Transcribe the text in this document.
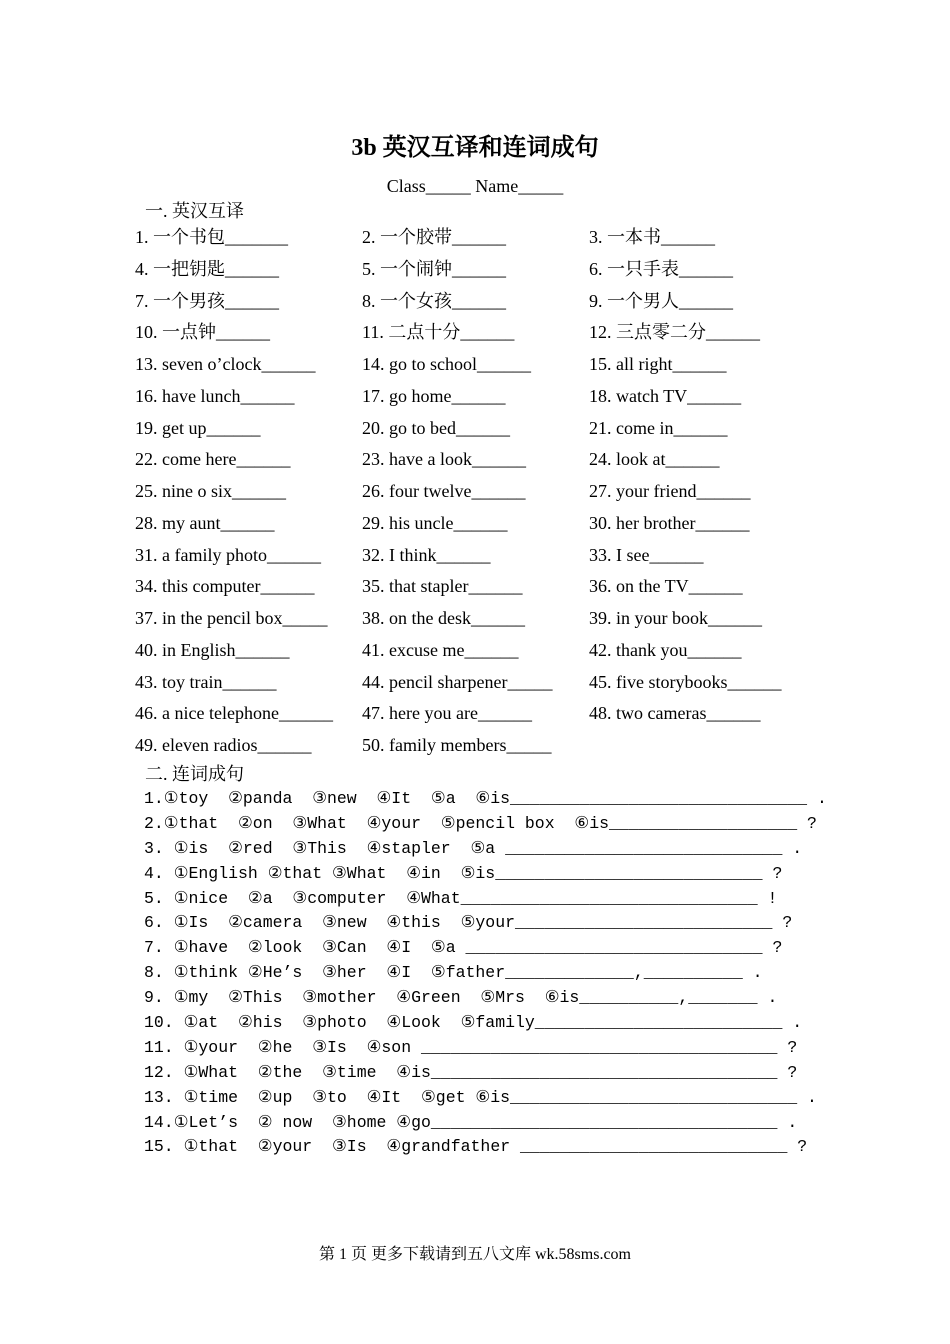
3b 英汉互译和连词成句
Class_____ Name_____
一. 英汉互译
1. 一个书包_______	2. 一个胶带______	3. 一本书______
4. 一把钥匙______	5. 一个闹钟______	6. 一只手表______
7. 一个男孩______	8. 一个女孩______	9. 一个男人______
10. 一点钟______	11. 二点十分______	12. 三点零二分______
13. seven o’clock______	14. go to school______	15. all right______
16. have lunch______	17. go home______	18. watch TV______
19. get up______	20. go to bed______	21. come in______
22. come here______	23. have a look______	24. look at______
25. nine o six______	26. four twelve______	27. your friend______
28. my aunt______	29. his uncle______	30. her brother______
31. a family photo______	32. I think______	33. I see______
34. this computer______	35. that stapler______	36. on the TV______
37. in the pencil box_____	38. on the desk______	39. in your book______
40. in English______	41. excuse me______	42. thank you______
43. toy train______	44. pencil sharpener_____	45. five storybooks______
46. a nice telephone______	47. here you are______	48. two cameras______
49. eleven radios______	50. family members_____
二. 连词成句
1.①toy  ②panda  ③new  ④It  ⑤a  ⑥is______________________________ .
2.①that  ②on  ③What  ④your  ⑤pencil box  ⑥is___________________ ?
3. ①is  ②red  ③This  ④stapler  ⑤a ____________________________ .
4. ①English ②that ③What  ④in  ⑤is___________________________ ?
5. ①nice  ②a  ③computer  ④What______________________________ !
6. ①Is  ②camera  ③new  ④this  ⑤your__________________________ ?
7. ①have  ②look  ③Can  ④I  ⑤a ______________________________ ?
8. ①think ②He’s  ③her  ④I  ⑤father_____________,__________ .
9. ①my  ②This  ③mother  ④Green  ⑤Mrs  ⑥is__________,_______ .
10. ①at  ②his  ③photo  ④Look  ⑤family_________________________ .
11. ①your  ②he  ③Is  ④son ____________________________________ ?
12. ①What  ②the  ③time  ④is___________________________________ ?
13. ①time  ②up  ③to  ④It  ⑤get ⑥is_____________________________ .
14.①Let’s  ② now  ③home ④go___________________________________ .
15. ①that  ②your  ③Is  ④grandfather ___________________________ ?
第 1 页 更多下载请到五八文库 wk.58sms.com
